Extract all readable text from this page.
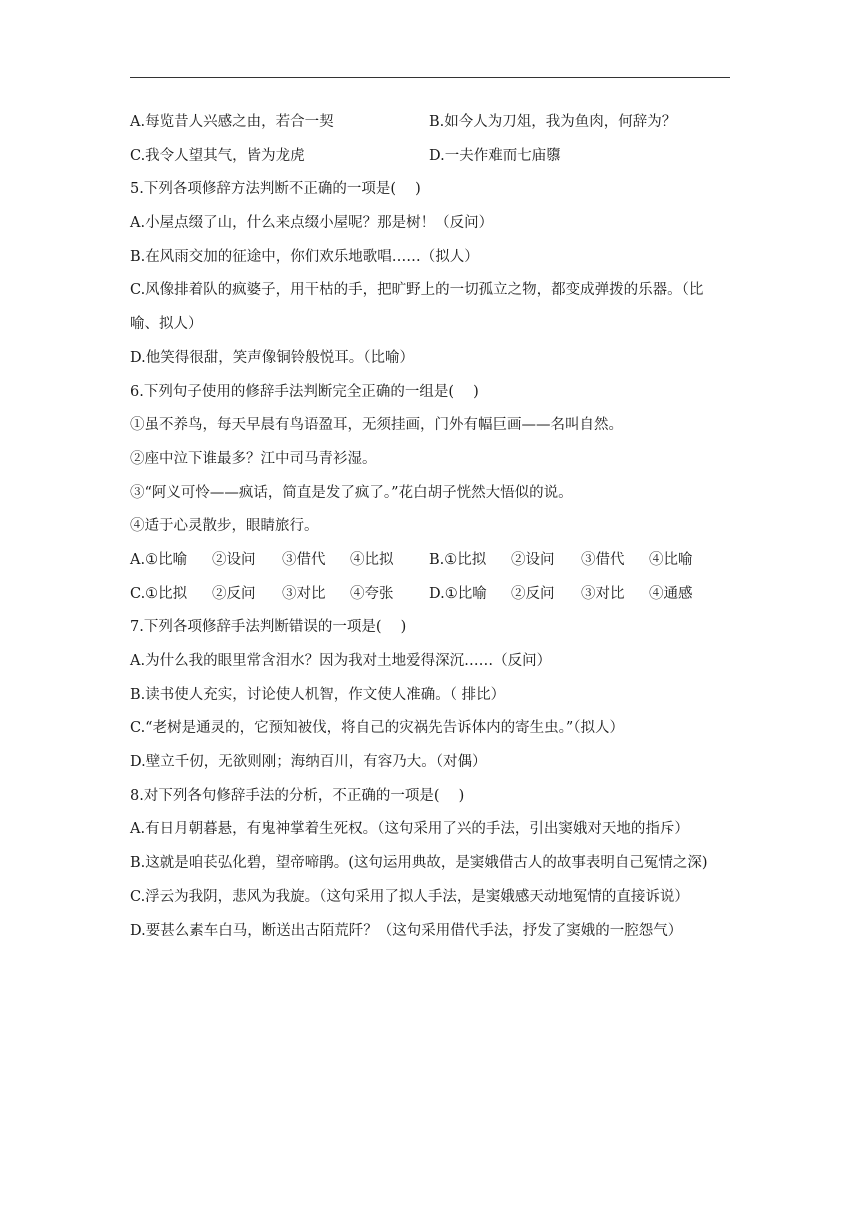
A.每览昔人兴感之由，若合一契	B.如今人为刀俎，我为鱼肉，何辞为？
C.我令人望其气，皆为龙虎	D.一夫作难而七庙隳
5.下列各项修辞方法判断不正确的一项是(　 )
A.小屋点缀了山，什么来点缀小屋呢？那是树！（反问）
B.在风雨交加的征途中，你们欢乐地歌唱……（拟人）
C.风像排着队的疯婆子，用干枯的手，把旷野上的一切孤立之物，都变成弹拨的乐器。（比
喻、拟人）
D.他笑得很甜，笑声像铜铃般悦耳。（比喻）
6.下列句子使用的修辞手法判断完全正确的一组是(　 )
①虽不养鸟，每天早晨有鸟语盈耳，无须挂画，门外有幅巨画——名叫自然。
②座中泣下谁最多？江中司马青衫湿。
③“阿义可怜——疯话，简直是发了疯了。”花白胡子恍然大悟似的说。
④适于心灵散步，眼睛旅行。
A.①比喻 ②设问 ③借代 ④比拟	B.①比拟 ②设问 ③借代 ④比喻
C.①比拟 ②反问 ③对比 ④夸张	D.①比喻 ②反问 ③对比 ④通感
7.下列各项修辞手法判断错误的一项是(　 )
A.为什么我的眼里常含泪水？因为我对土地爱得深沉……（反问）
B.读书使人充实，讨论使人机智，作文使人准确。（ 排比）
C.“老树是通灵的，它预知被伐，将自己的灾祸先告诉体内的寄生虫。”（拟人）
D.壁立千仞，无欲则刚；海纳百川，有容乃大。（对偶）
8.对下列各句修辞手法的分析，不正确的一项是(　 )
A.有日月朝暮悬，有鬼神掌着生死权。（这句采用了兴的手法，引出窦娥对天地的指斥）
B.这就是咱苌弘化碧，望帝啼鹃。(这句运用典故，是窦娥借古人的故事表明自己冤情之深)
C.浮云为我阴，悲风为我旋。（这句采用了拟人手法，是窦娥感天动地冤情的直接诉说）
D.要甚么素车白马，断送出古陌荒阡？（这句采用借代手法，抒发了窦娥的一腔怨气）
